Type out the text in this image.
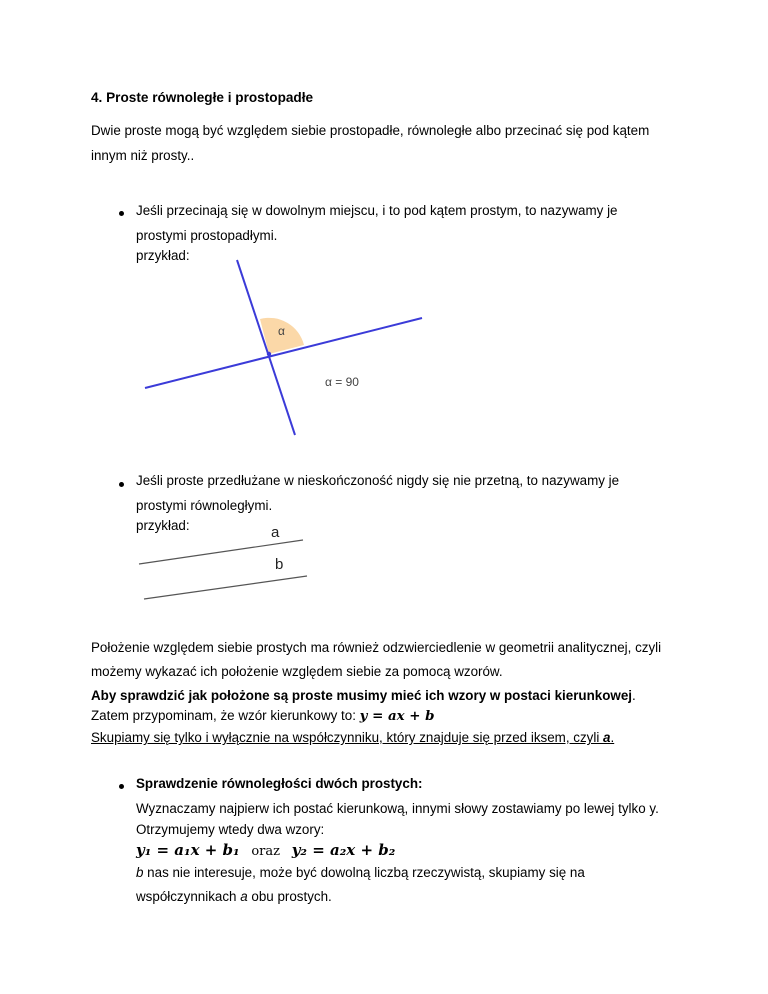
4. Proste równoległe i prostopadłe
Dwie proste mogą być względem siebie prostopadłe, równoległe albo przecinać się pod kątem
innym niż prosty..
Jeśli przecinają się w dowolnym miejscu, i to pod kątem prostym, to nazywamy je
prostymi prostopadłymi.
przykład:
α
α = 90
Jeśli proste przedłużane w nieskończoność nigdy się nie przetną, to nazywamy je
prostymi równoległymi.
przykład:	a
b
Położenie względem siebie prostych ma również odzwierciedlenie w geometrii analitycznej, czyli
możemy wykazać ich położenie względem siebie za pomocą wzorów.
Aby sprawdzić jak położone są proste musimy mieć ich wzory w postaci kierunkowej.
Zatem przypominam, że wzór kierunkowy to: y = ax + b
Skupiamy się tylko i wyłącznie na współczynniku, który znajduje się przed iksem, czyli a.
Sprawdzenie równoległości dwóch prostych:
Wyznaczamy najpierw ich postać kierunkową, innymi słowy zostawiamy po lewej tylko y.
Otrzymujemy wtedy dwa wzory:
y₁ = a₁x + b₁ oraz y₂ = a₂x + b₂
b nas nie interesuje, może być dowolną liczbą rzeczywistą, skupiamy się na
współczynnikach a obu prostych.
